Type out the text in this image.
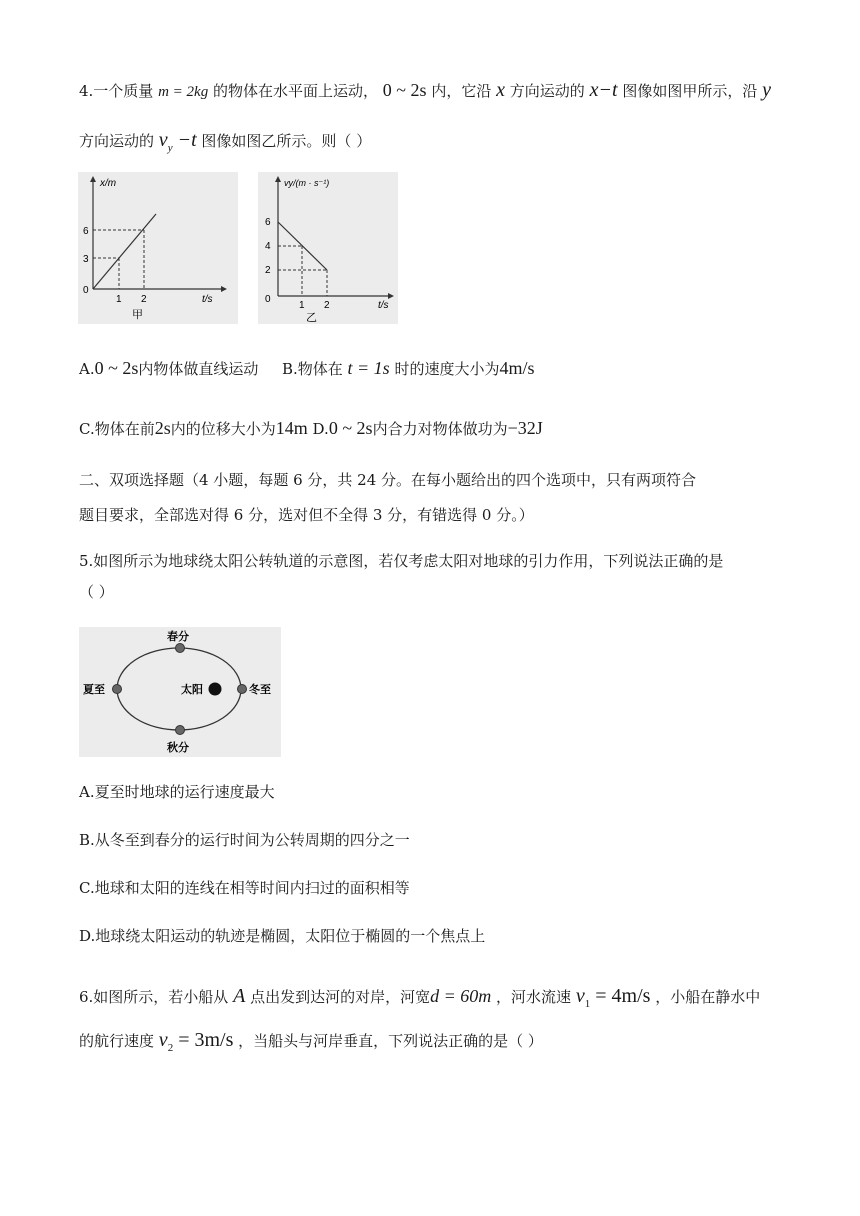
4.一个质量 m = 2kg 的物体在水平面上运动， 0 ~ 2s 内，它沿 x 方向运动的 x−t 图像如图甲所示，沿 y
方向运动的 $v_y -t$ 图像如图乙所示。则（ ）
x/m
6
3
0
1 2	t/s
甲
vy/(m · s⁻¹)
6
4
2
0
1 2	t/s
乙
A.0 ~ 2s内物体做直线运动 B.物体在 t = 1s 时的速度大小为4m/s
C.物体在前2s内的位移大小为14m D.0 ~ 2s内合力对物体做功为−32J
二、双项选择题（4 小题，每题 6 分，共 24 分。在每小题给出的四个选项中，只有两项符合
题目要求，全部选对得 6 分，选对但不全得 3 分，有错选得 0 分。）
5.如图所示为地球绕太阳公转轨道的示意图，若仅考虑太阳对地球的引力作用，下列说法正确的是
（ ）
春分
夏至	太阳	冬至
秋分
A.夏至时地球的运行速度最大
B.从冬至到春分的运行时间为公转周期的四分之一
C.地球和太阳的连线在相等时间内扫过的面积相等
D.地球绕太阳运动的轨迹是椭圆，太阳位于椭圆的一个焦点上
6.如图所示，若小船从 A 点出发到达河的对岸，河宽d = 60m ，河水流速 $v_1 = 4m/s$ ，小船在静水中
的航行速度 $v_2 = 3m/s$ ，当船头与河岸垂直，下列说法正确的是（ ）
